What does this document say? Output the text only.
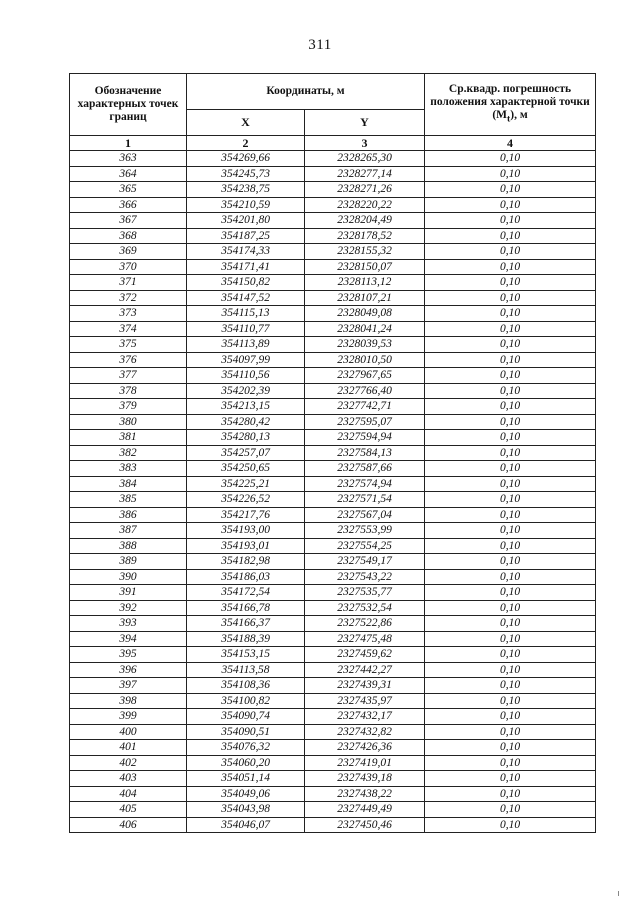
311
Обозначение характерных точек границ	Координаты, м		Ср.квадр. погрешность положения характерной точки $(M_t)$, м
	X	Y	
1	2	3	4
363	354269,66	2328265,30	0,10
364	354245,73	2328277,14	0,10
365	354238,75	2328271,26	0,10
366	354210,59	2328220,22	0,10
367	354201,80	2328204,49	0,10
368	354187,25	2328178,52	0,10
369	354174,33	2328155,32	0,10
370	354171,41	2328150,07	0,10
371	354150,82	2328113,12	0,10
372	354147,52	2328107,21	0,10
373	354115,13	2328049,08	0,10
374	354110,77	2328041,24	0,10
375	354113,89	2328039,53	0,10
376	354097,99	2328010,50	0,10
377	354110,56	2327967,65	0,10
378	354202,39	2327766,40	0,10
379	354213,15	2327742,71	0,10
380	354280,42	2327595,07	0,10
381	354280,13	2327594,94	0,10
382	354257,07	2327584,13	0,10
383	354250,65	2327587,66	0,10
384	354225,21	2327574,94	0,10
385	354226,52	2327571,54	0,10
386	354217,76	2327567,04	0,10
387	354193,00	2327553,99	0,10
388	354193,01	2327554,25	0,10
389	354182,98	2327549,17	0,10
390	354186,03	2327543,22	0,10
391	354172,54	2327535,77	0,10
392	354166,78	2327532,54	0,10
393	354166,37	2327522,86	0,10
394	354188,39	2327475,48	0,10
395	354153,15	2327459,62	0,10
396	354113,58	2327442,27	0,10
397	354108,36	2327439,31	0,10
398	354100,82	2327435,97	0,10
399	354090,74	2327432,17	0,10
400	354090,51	2327432,82	0,10
401	354076,32	2327426,36	0,10
402	354060,20	2327419,01	0,10
403	354051,14	2327439,18	0,10
404	354049,06	2327438,22	0,10
405	354043,98	2327449,49	0,10
406	354046,07	2327450,46	0,10
